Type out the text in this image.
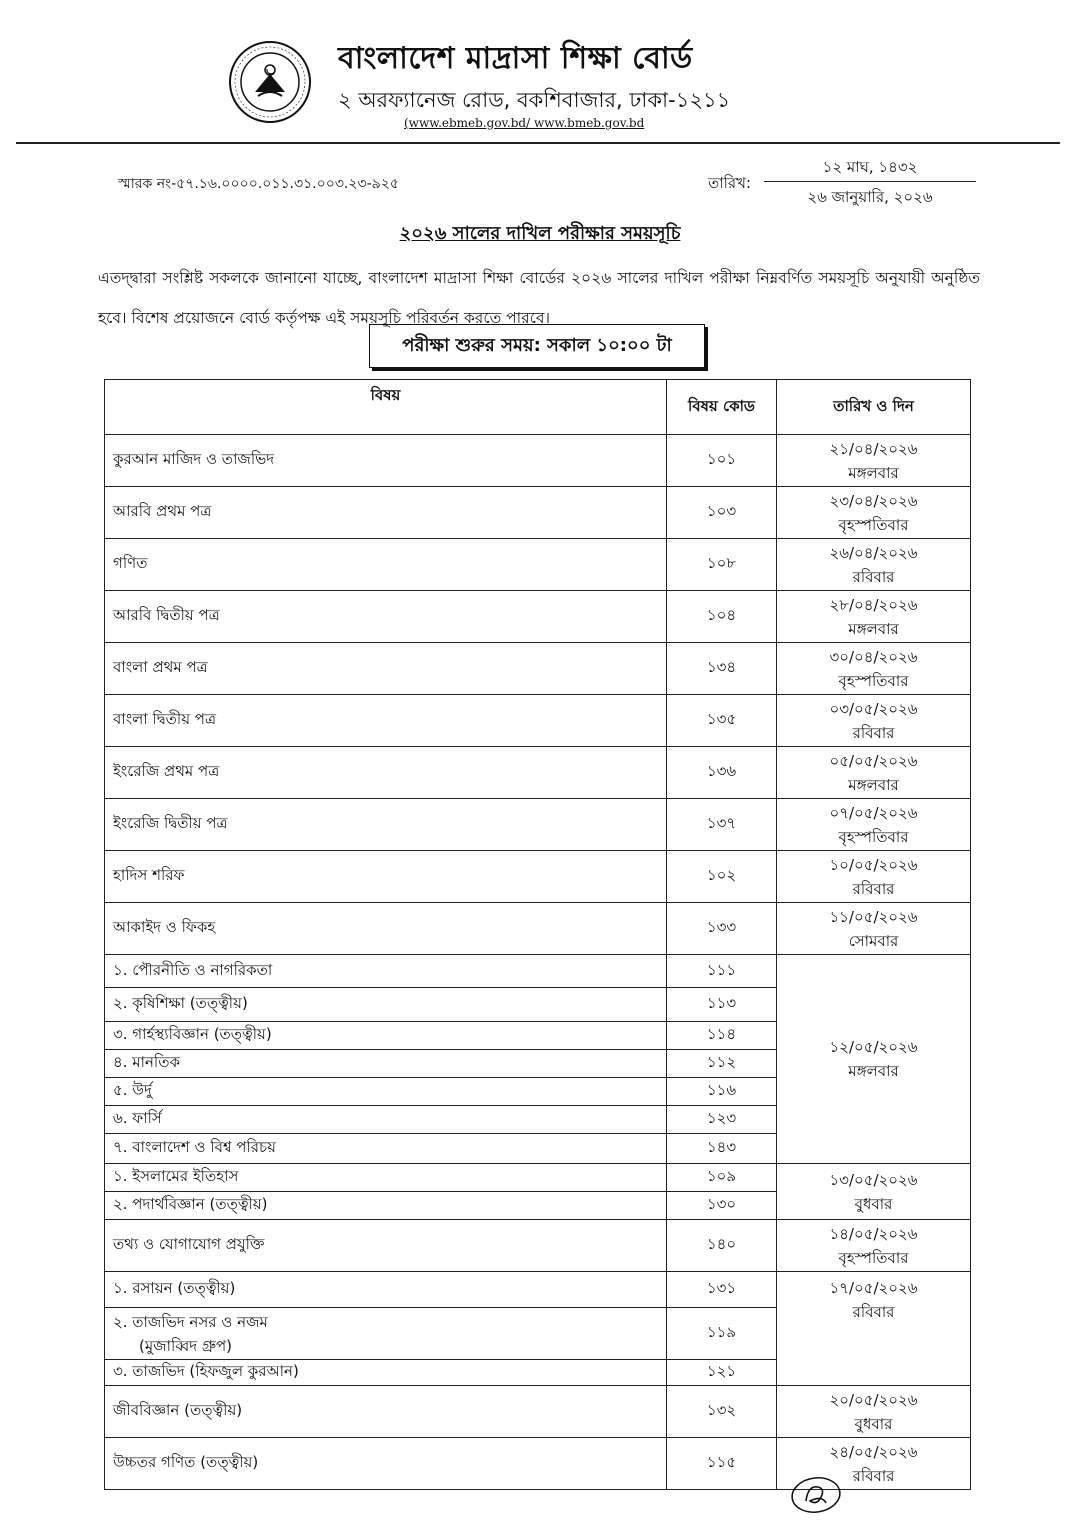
বাংলাদেশ মাদ্রাসা শিক্ষা বোর্ড
২ অরফ্যানেজ রোড, বকশিবাজার, ঢাকা-১২১১
(www.ebmeb.gov.bd/ www.bmeb.gov.bd
স্মারক নং-৫৭.১৬.০০০০.০১১.৩১.০০৩.২৩-৯২৫	তারিখ:
১২ মাঘ, ১৪৩২
২৬ জানুয়ারি, ২০২৬
২০২৬ সালের দাখিল পরীক্ষার সময়সূচি
এতদ্দ্বারা সংশ্লিষ্ট সকলকে জানানো যাচ্ছে, বাংলাদেশ মাদ্রাসা শিক্ষা বোর্ডের ২০২৬ সালের দাখিল পরীক্ষা নিম্নবর্ণিত সময়সূচি অনুযায়ী অনুষ্ঠিত হবে। বিশেষ প্রয়োজনে বোর্ড কর্তৃপক্ষ এই সময়সূচি পরিবর্তন করতে পারবে।
পরীক্ষা শুরুর সময়: সকাল ১০:০০ টা
বিষয়	বিষয় কোড	তারিখ ও দিন
কুরআন মাজিদ ও তাজভিদ	১০১	২১/০৪/২০২৬
মঙ্গলবার

আরবি প্রথম পত্র	১০৩	২৩/০৪/২০২৬
বৃহস্পতিবার

গণিত	১০৮	২৬/০৪/২০২৬
রবিবার

আরবি দ্বিতীয় পত্র	১০৪	২৮/০৪/২০২৬
মঙ্গলবার

বাংলা প্রথম পত্র	১৩৪	৩০/০৪/২০২৬
বৃহস্পতিবার

বাংলা দ্বিতীয় পত্র	১৩৫	০৩/০৫/২০২৬
রবিবার

ইংরেজি প্রথম পত্র	১৩৬	০৫/০৫/২০২৬
মঙ্গলবার

ইংরেজি দ্বিতীয় পত্র	১৩৭	০৭/০৫/২০২৬
বৃহস্পতিবার

হাদিস শরিফ	১০২	১০/০৫/২০২৬
রবিবার

আকাইদ ও ফিকহ	১৩৩	১১/০৫/২০২৬
সোমবার

১. পৌরনীতি ও নাগরিকতা	১১১	১২/০৫/২০২৬
মঙ্গলবার

২. কৃষিশিক্ষা (তত্ত্বীয়)	১১৩	
৩. গার্হস্থ্যবিজ্ঞান (তত্ত্বীয়)	১১৪	
৪. মানতিক	১১২	
৫. উর্দু	১১৬	
৬. ফার্সি	১২৩	
৭. বাংলাদেশ ও বিশ্ব পরিচয়	১৪৩	
১. ইসলামের ইতিহাস	১০৯	১৩/০৫/২০২৬
বুধবার

২. পদার্থবিজ্ঞান (তত্ত্বীয়)	১৩০	
তথ্য ও যোগাযোগ প্রযুক্তি	১৪০	১৪/০৫/২০২৬
বৃহস্পতিবার

১. রসায়ন (তত্ত্বীয়)	১৩১	১৭/০৫/২০২৬
রবিবার

২. তাজভিদ নসর ও নজম
(মুজাব্বিদ গ্রুপ)	১১৯	

৩. তাজভিদ (হিফজুল কুরআন)	১২১	
জীববিজ্ঞান (তত্ত্বীয়)	১৩২	২০/০৫/২০২৬
বুধবার

উচ্চতর গণিত (তত্ত্বীয়)	১১৫	২৪/০৫/২০২৬
রবিবার
